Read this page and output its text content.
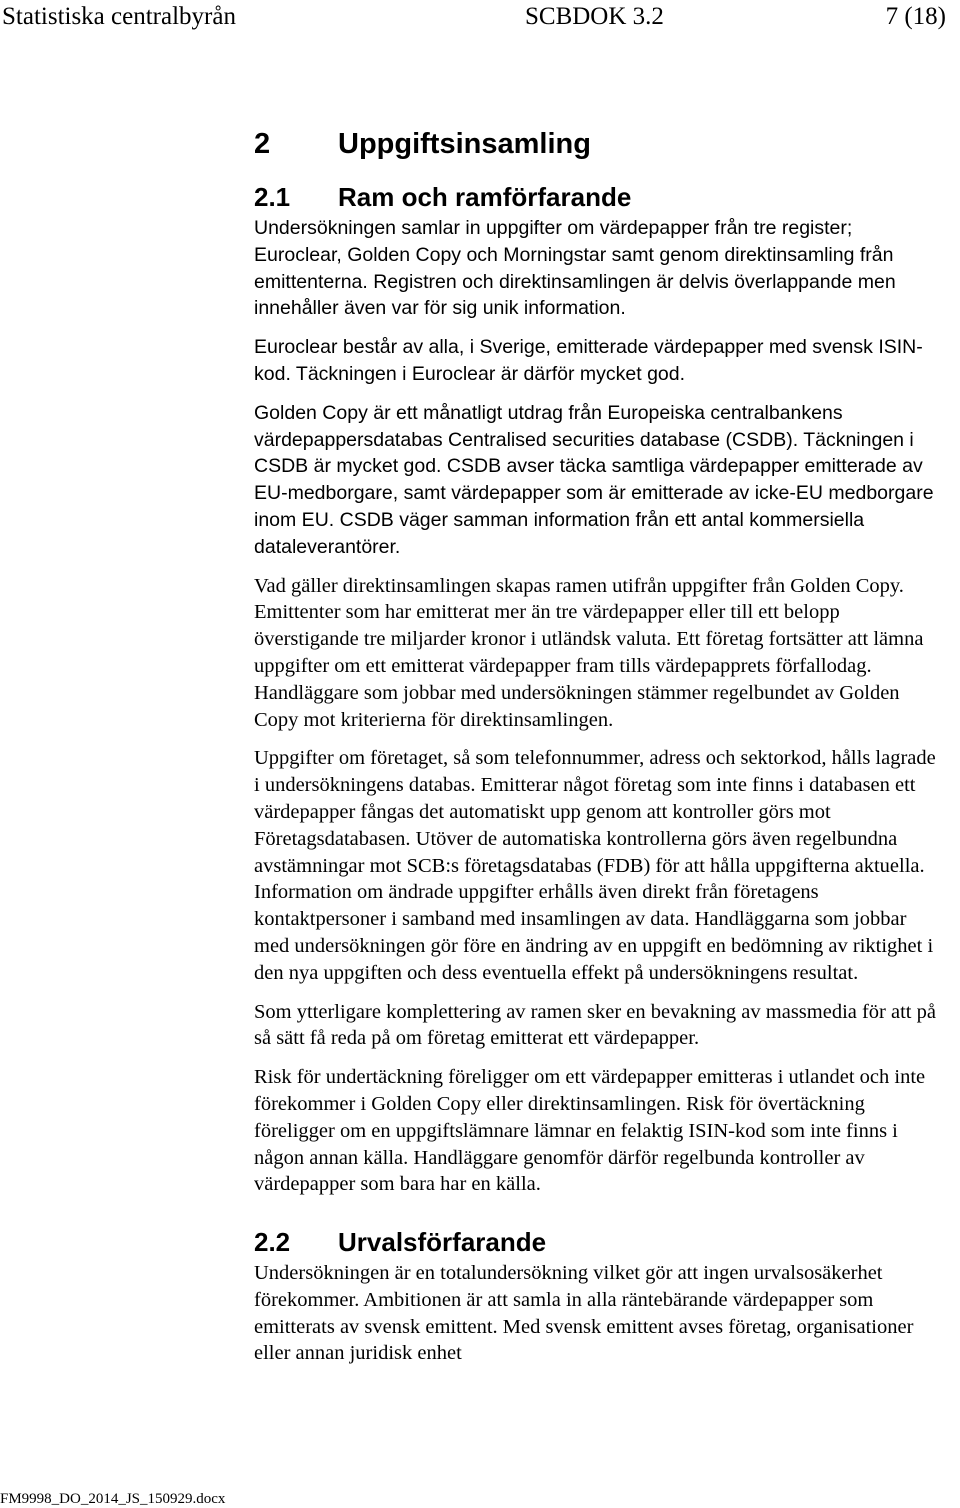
Statistiska centralbyrån	SCBDOK 3.2	7 (18)
2 Uppgiftsinsamling
2.1 Ram och ramförfarande

Undersökningen samlar in uppgifter om värdepapper från tre register; Euroclear, Golden Copy och Morningstar samt genom direktinsamling från emittenterna. Registren och direktinsamlingen är delvis överlappande men innehåller även var för sig unik information.

Euroclear består av alla, i Sverige, emitterade värdepapper med svensk ISIN-kod. Täckningen i Euroclear är därför mycket god.

Golden Copy är ett månatligt utdrag från Europeiska centralbankens värdepappersdatabas Centralised securities database (CSDB). Täckningen i CSDB är mycket god. CSDB avser täcka samtliga värdepapper emitterade av EU-medborgare, samt värdepapper som är emitterade av icke-EU medborgare inom EU. CSDB väger samman information från ett antal kommersiella dataleverantörer.

Vad gäller direktinsamlingen skapas ramen utifrån uppgifter från Golden Copy. Emittenter som har emitterat mer än tre värdepapper eller till ett belopp överstigande tre miljarder kronor i utländsk valuta. Ett företag fortsätter att lämna uppgifter om ett emitterat värdepapper fram tills värdepapprets förfallodag. Handläggare som jobbar med undersökningen stämmer regelbundet av Golden Copy mot kriterierna för direktinsamlingen.

Uppgifter om företaget, så som telefonnummer, adress och sektorkod, hålls lagrade i undersökningens databas. Emitterar något företag som inte finns i databasen ett värdepapper fångas det automatiskt upp genom att kontroller görs mot Företagsdatabasen. Utöver de automatiska kontrollerna görs även regelbundna avstämningar mot SCB:s företagsdatabas (FDB) för att hålla uppgifterna aktuella. Information om ändrade uppgifter erhålls även direkt från företagens kontaktpersoner i samband med insamlingen av data. Handläggarna som jobbar med undersökningen gör före en ändring av en uppgift en bedömning av riktighet i den nya uppgiften och dess eventuella effekt på undersökningens resultat.

Som ytterligare komplettering av ramen sker en bevakning av massmedia för att på så sätt få reda på om företag emitterat ett värdepapper.

Risk för undertäckning föreligger om ett värdepapper emitteras i utlandet och inte förekommer i Golden Copy eller direktinsamlingen. Risk för övertäckning föreligger om en uppgiftslämnare lämnar en felaktig ISIN-kod som inte finns i någon annan källa. Handläggare genomför därför regelbunda kontroller av värdepapper som bara har en källa.

2.2 Urvalsförfarande

Undersökningen är en totalundersökning vilket gör att ingen urvalsosäkerhet förekommer. Ambitionen är att samla in alla räntebärande värdepapper som emitterats av svensk emittent. Med svensk emittent avses företag, organisationer eller annan juridisk enhet

FM9998_DO_2014_JS_150929.docx
